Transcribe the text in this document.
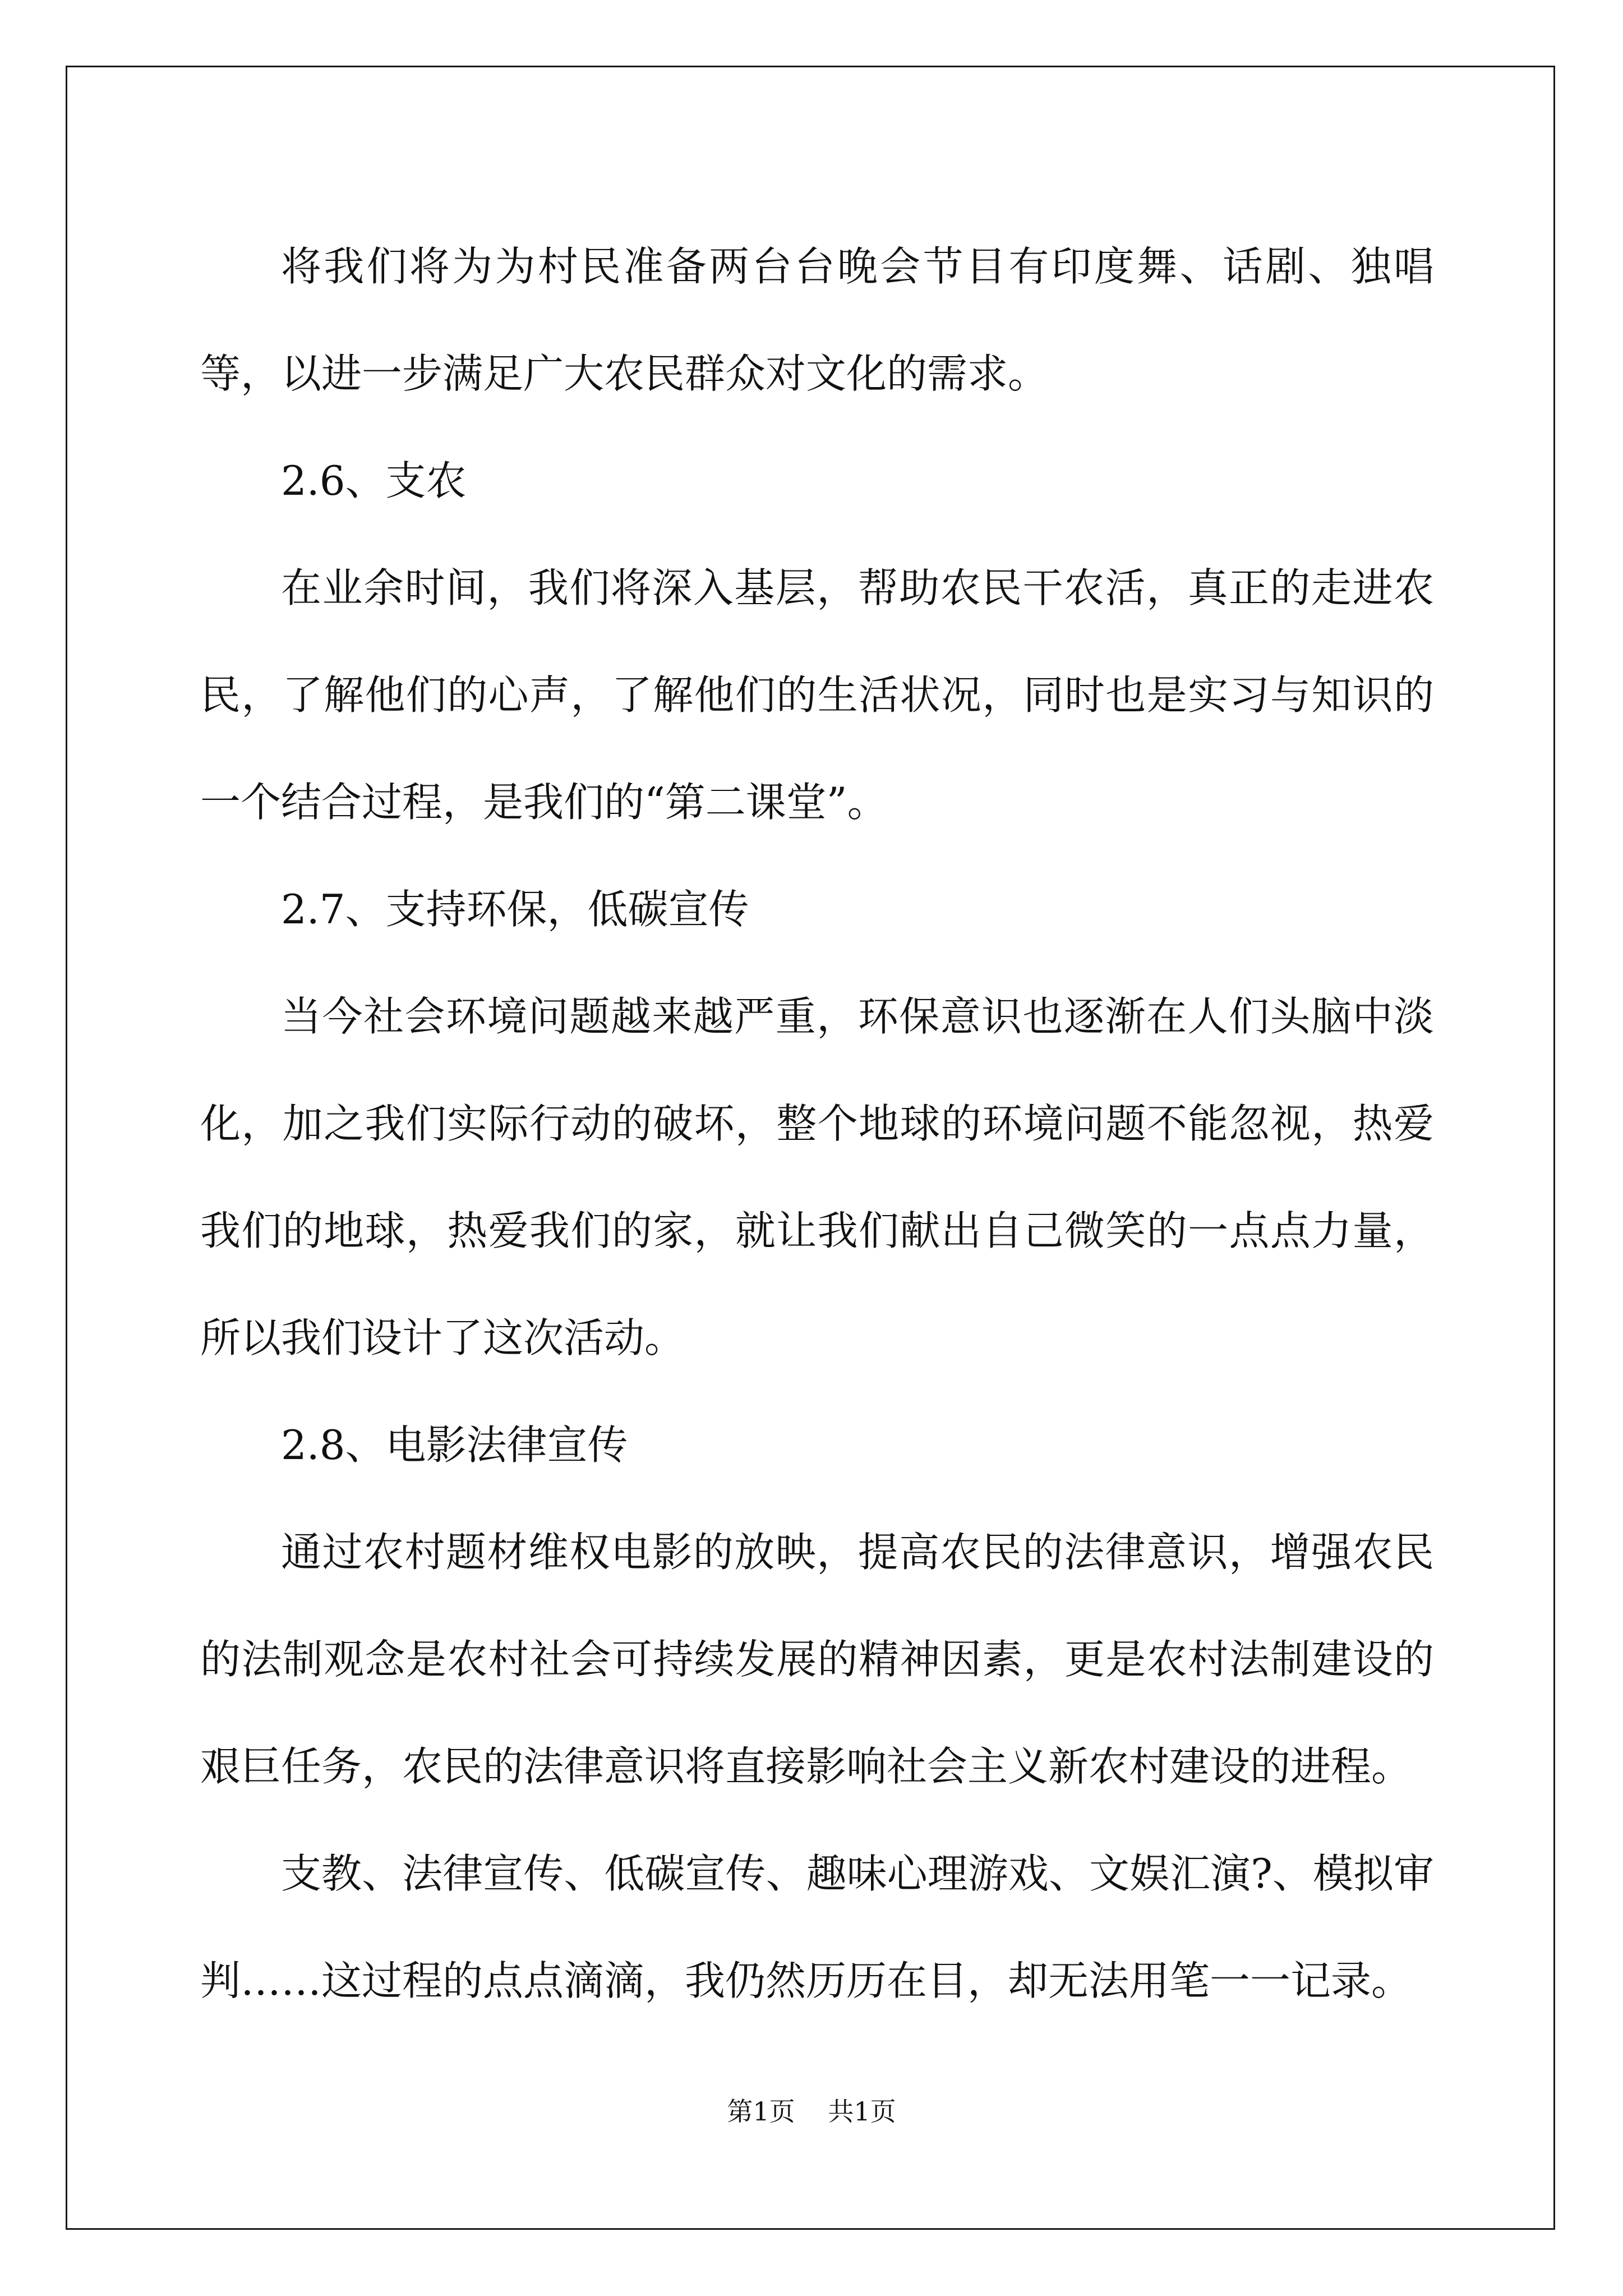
将我们将为为村民准备两台台晚会节目有印度舞、话剧、独唱等，以进一步满足广大农民群众对文化的需求。

2.6、支农

在业余时间，我们将深入基层，帮助农民干农活，真正的走进农民，了解他们的心声，了解他们的生活状况，同时也是实习与知识的一个结合过程，是我们的“第二课堂”。

2.7、支持环保，低碳宣传

当今社会环境问题越来越严重，环保意识也逐渐在人们头脑中淡化，加之我们实际行动的破坏，整个地球的环境问题不能忽视，热爱我们的地球，热爱我们的家，就让我们献出自己微笑的一点点力量，所以我们设计了这次活动。

2.8、电影法律宣传

通过农村题材维权电影的放映，提高农民的法律意识，增强农民的法制观念是农村社会可持续发展的精神因素，更是农村法制建设的艰巨任务，农民的法律意识将直接影响社会主义新农村建设的进程。

支教、法律宣传、低碳宣传、趣味心理游戏、文娱汇演?、模拟审判……这过程的点点滴滴，我仍然历历在目，却无法用笔一一记录。

第1页 共1页
